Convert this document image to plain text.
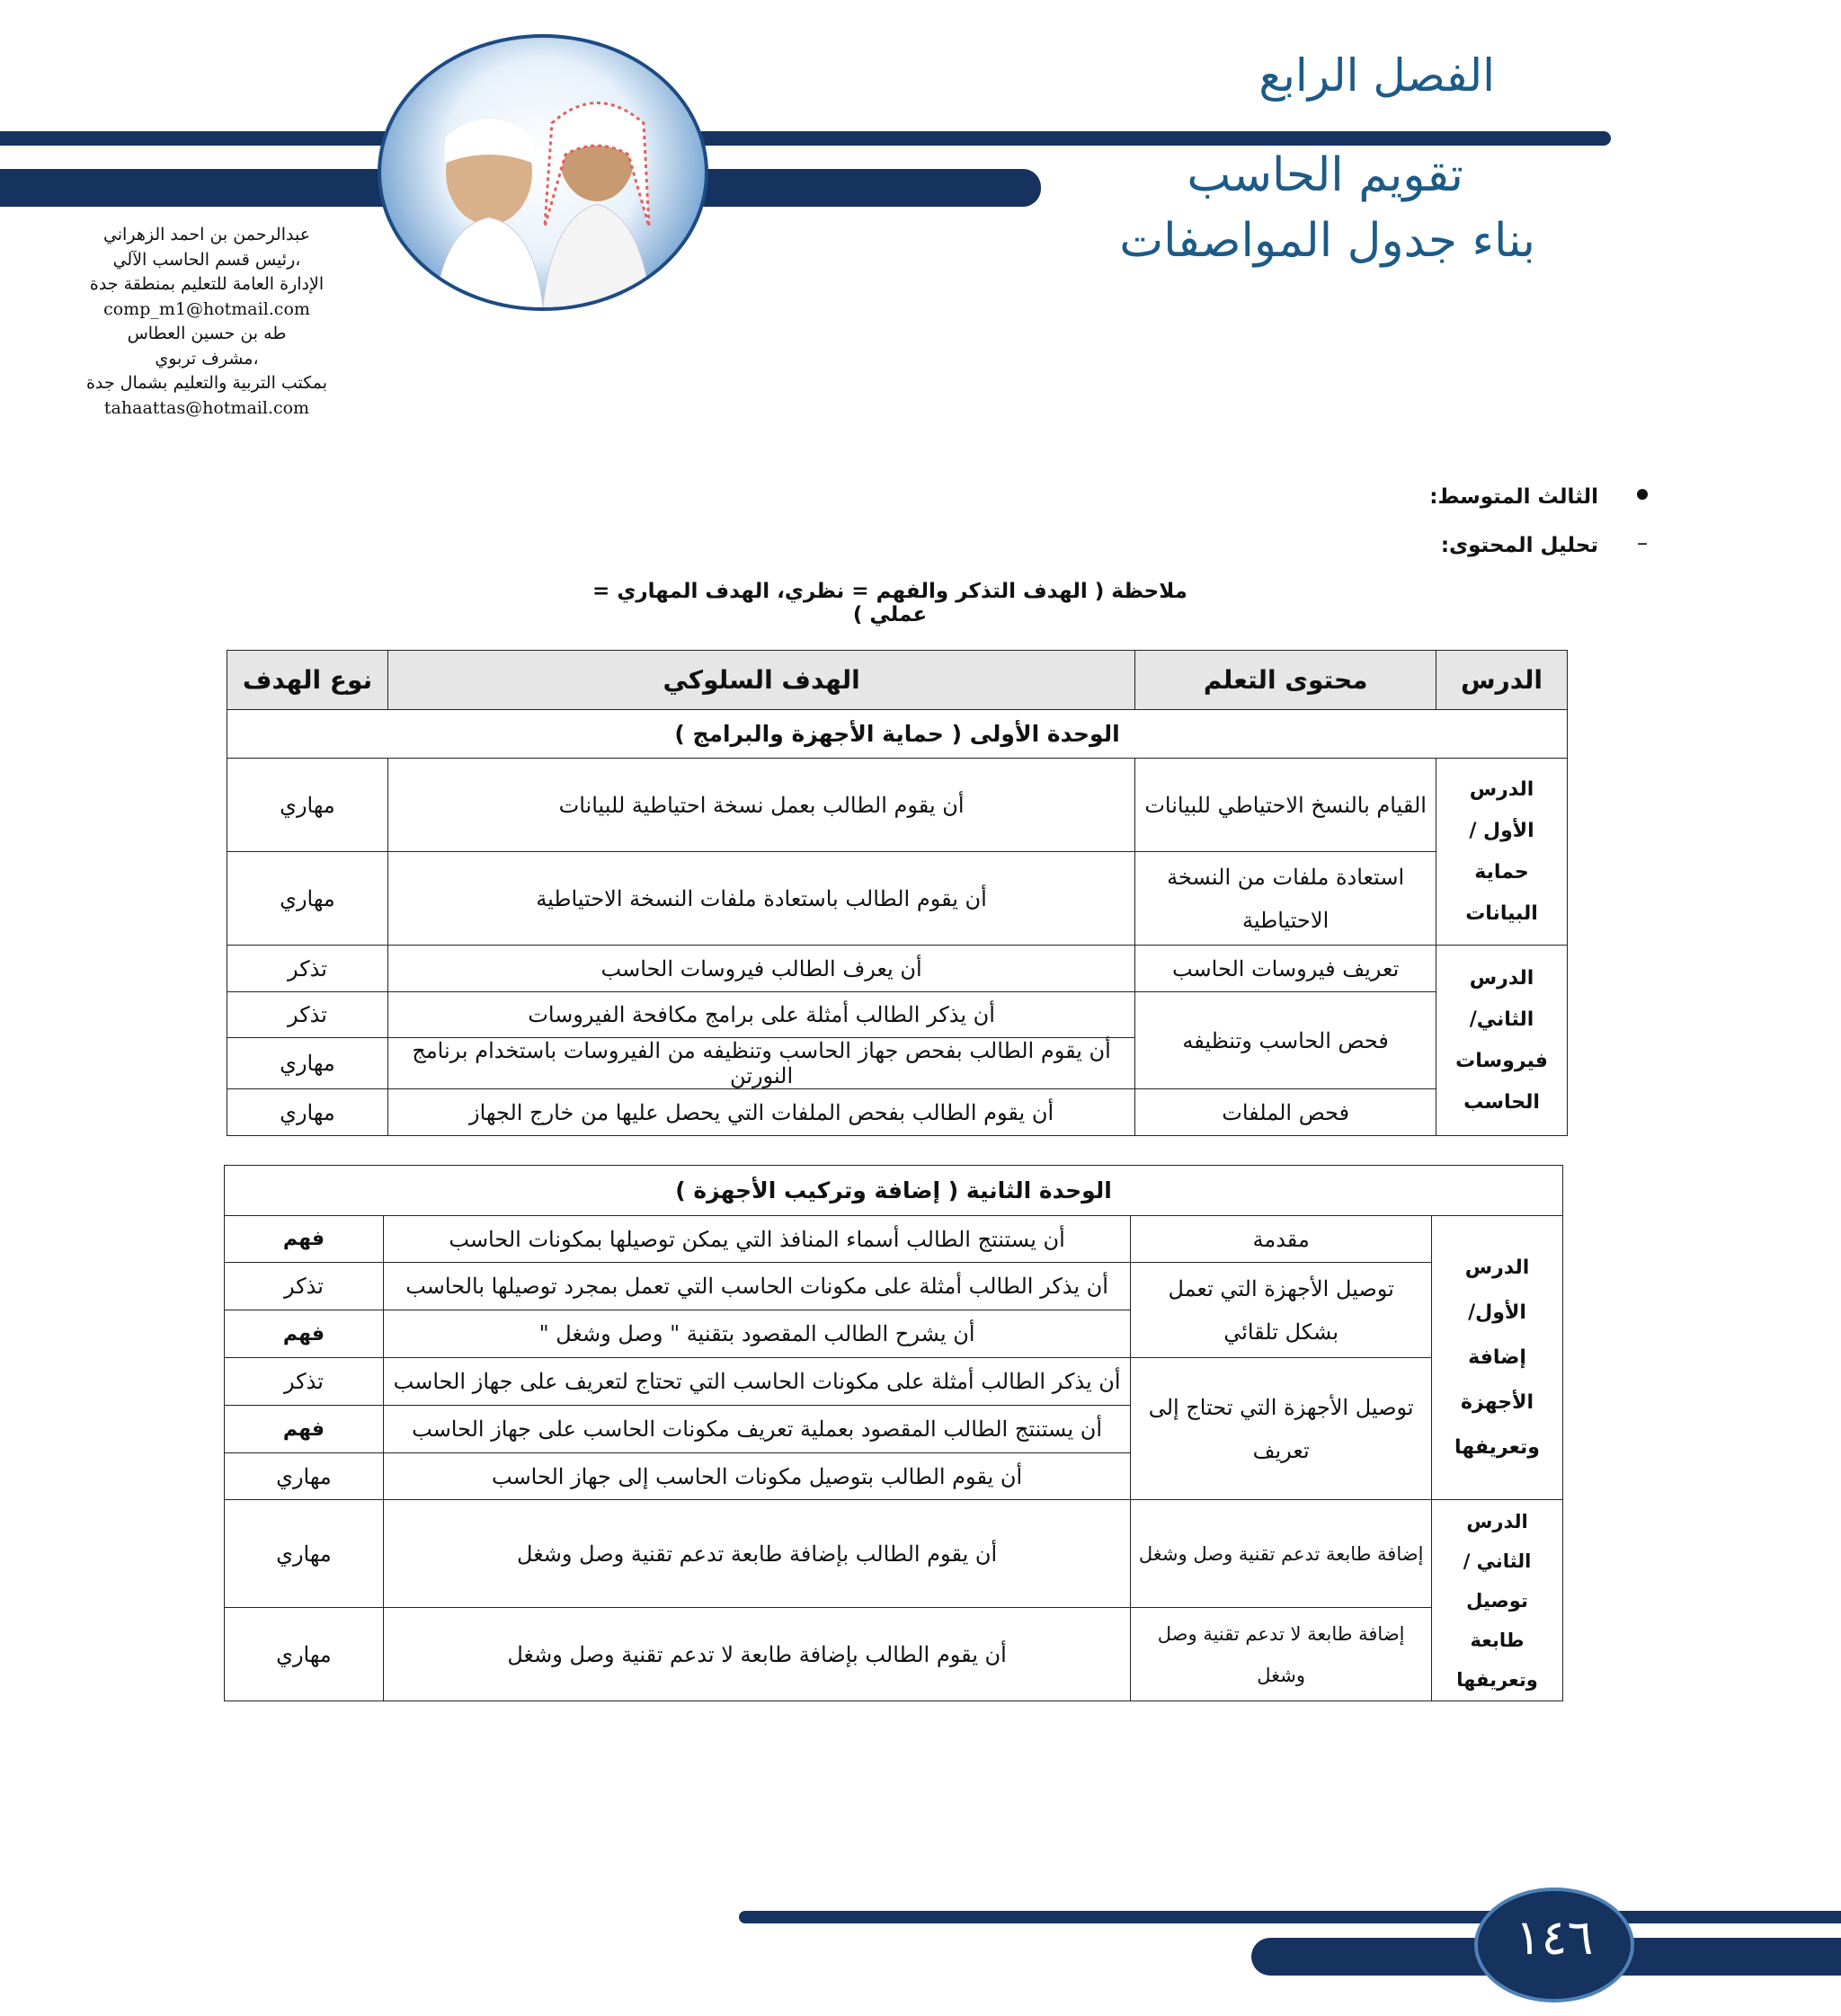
الفصل الرابع
تقويم الحاسب
بناء جدول المواصفات
عبدالرحمن بن احمد الزهراني
رئيس قسم الحاسب الآلي،
الإدارة العامة للتعليم بمنطقة جدة
comp_m1@hotmail.com
طه بن حسين العطاس
مشرف تربوي،
بمكتب التربية والتعليم بشمال جدة
tahaattas@hotmail.com
الثالث المتوسط:
–
تحليل المحتوى:
ملاحظة ( الهدف التذكر والفهم = نظري، الهدف المهاري = عملي )
الدرس	محتوى التعلم	الهدف السلوكي	نوع الهدف
الوحدة الأولى ( حماية الأجهزة والبرامج )			

الدرس
الأول /
حماية
البيانات	القيام بالنسخ الاحتياطي للبيانات	أن يقوم الطالب بعمل نسخة احتياطية للبيانات	مهاري
	استعادة ملفات من النسخة الاحتياطية	أن يقوم الطالب باستعادة ملفات النسخة الاحتياطية	مهاري

الدرس
الثاني/
فيروسات
الحاسب	تعريف فيروسات الحاسب	أن يعرف الطالب فيروسات الحاسب	تذكر
	فحص الحاسب وتنظيفه	أن يذكر الطالب أمثلة على برامج مكافحة الفيروسات	تذكر
		أن يقوم الطالب بفحص جهاز الحاسب وتنظيفه من الفيروسات باستخدام برنامج النورتن	مهاري
	فحص الملفات	أن يقوم الطالب بفحص الملفات التي يحصل عليها من خارج الجهاز	مهاري
الوحدة الثانية ( إضافة وتركيب الأجهزة )			

الدرس
الأول/
إضافة
الأجهزة
وتعريفها	مقدمة	أن يستنتج الطالب أسماء المنافذ التي يمكن توصيلها بمكونات الحاسب	فهم
	توصيل الأجهزة التي تعمل بشكل تلقائي	أن يذكر الطالب أمثلة على مكونات الحاسب التي تعمل بمجرد توصيلها بالحاسب	تذكر
		أن يشرح الطالب المقصود بتقنية " وصل وشغل "	فهم
	توصيل الأجهزة التي تحتاج إلى تعريف	أن يذكر الطالب أمثلة على مكونات الحاسب التي تحتاج لتعريف على جهاز الحاسب	تذكر
		أن يستنتج الطالب المقصود بعملية تعريف مكونات الحاسب على جهاز الحاسب	فهم
		أن يقوم الطالب بتوصيل مكونات الحاسب إلى جهاز الحاسب	مهاري

الدرس
الثاني /
توصيل
طابعة
وتعريفها	إضافة طابعة تدعم تقنية وصل وشغل	أن يقوم الطالب بإضافة طابعة تدعم تقنية وصل وشغل	مهاري
	إضافة طابعة لا تدعم تقنية وصل وشغل	أن يقوم الطالب بإضافة طابعة لا تدعم تقنية وصل وشغل	مهاري
١٤٦
